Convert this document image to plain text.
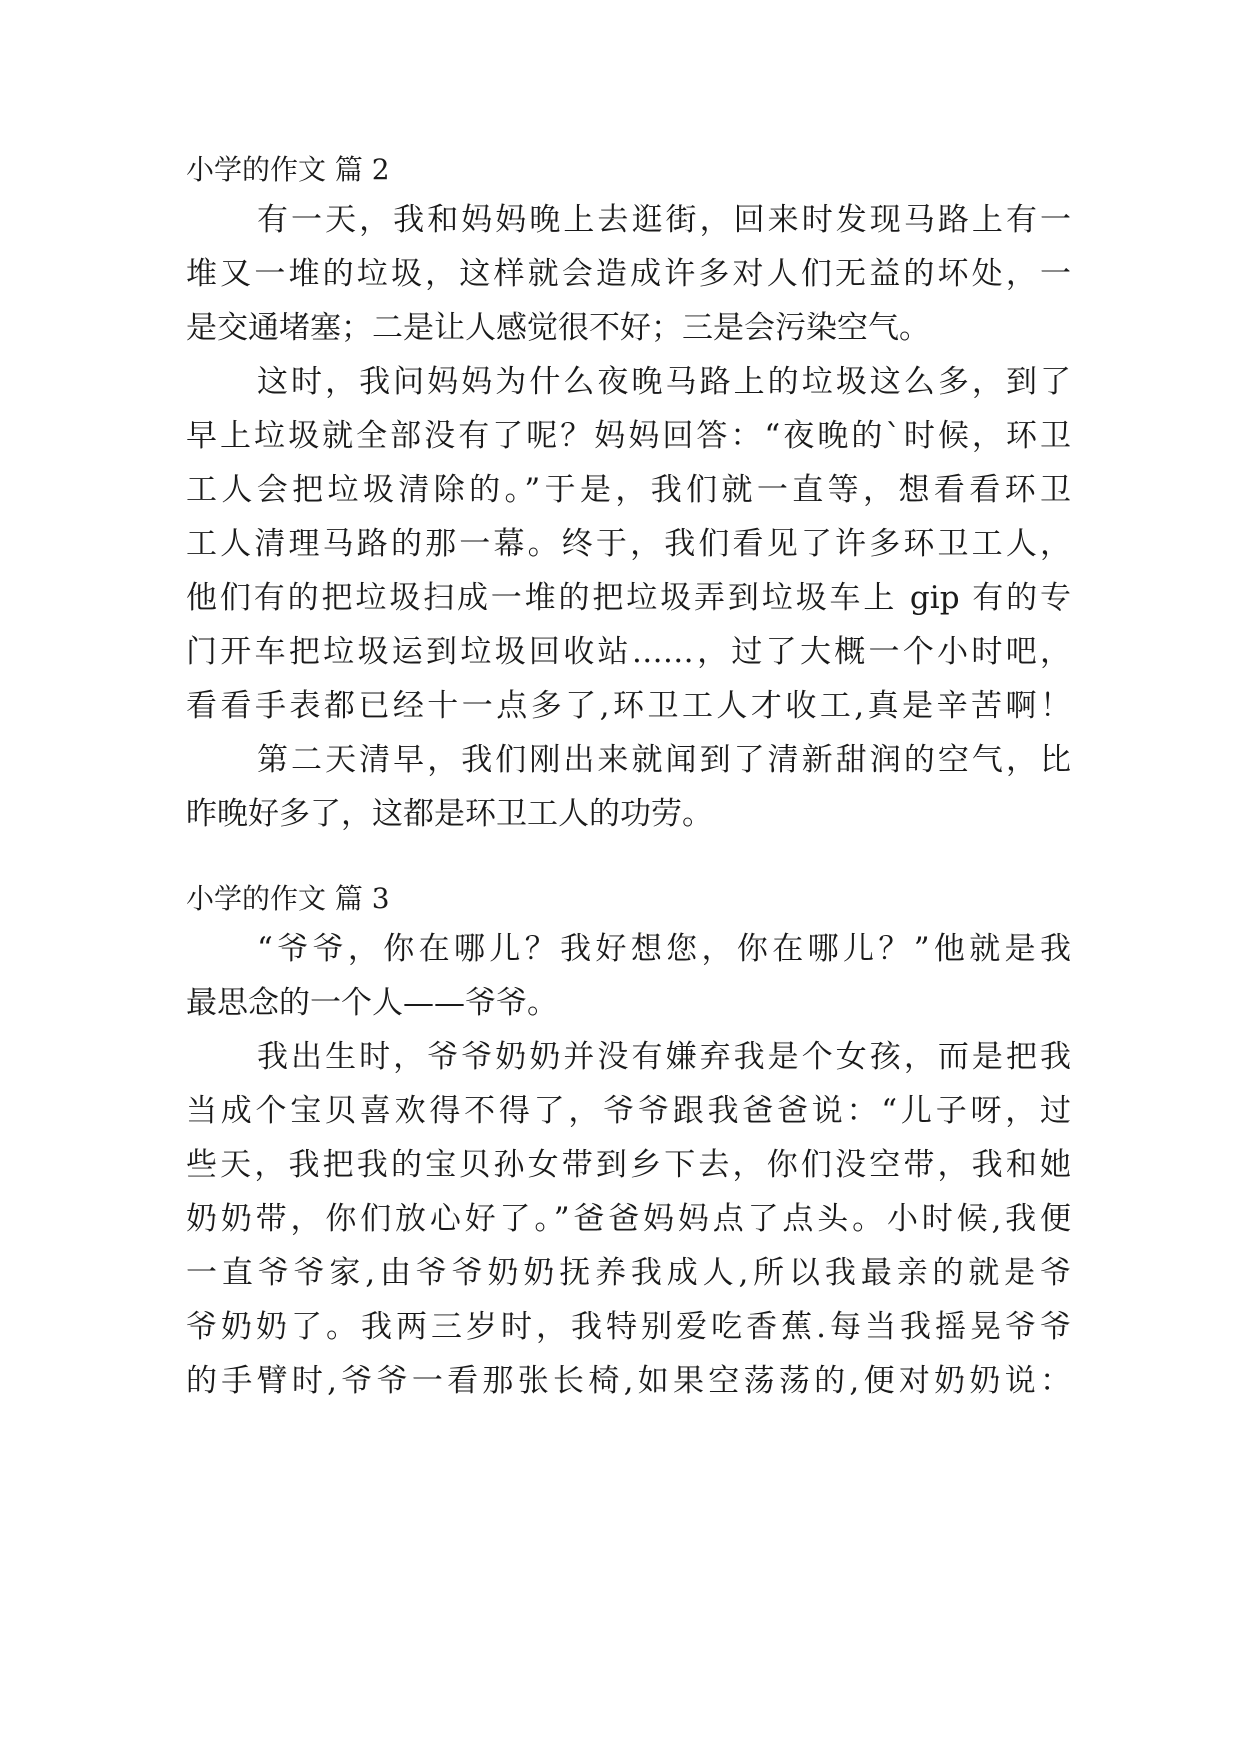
小学的作文 篇 2
有一天，我和妈妈晚上去逛街，回来时发现马路上有一
堆又一堆的垃圾，这样就会造成许多对人们无益的坏处，一
是交通堵塞；二是让人感觉很不好；三是会污染空气。
这时，我问妈妈为什么夜晚马路上的垃圾这么多，到了
早上垃圾就全部没有了呢？妈妈回答：“夜晚的`时候，环卫
工人会把垃圾清除的。”于是，我们就一直等，想看看环卫
工人清理马路的那一幕。终于，我们看见了许多环卫工人，
他们有的把垃圾扫成一堆的把垃圾弄到垃圾车上 gip 有的专
门开车把垃圾运到垃圾回收站……，过了大概一个小时吧，
看看手表都已经十一点多了,环卫工人才收工,真是辛苦啊！
第二天清早，我们刚出来就闻到了清新甜润的空气，比
昨晚好多了，这都是环卫工人的功劳。
小学的作文 篇 3
“爷爷，你在哪儿？我好想您，你在哪儿？”他就是我
最思念的一个人——爷爷。
我出生时，爷爷奶奶并没有嫌弃我是个女孩，而是把我
当成个宝贝喜欢得不得了，爷爷跟我爸爸说：“儿子呀，过
些天，我把我的宝贝孙女带到乡下去，你们没空带，我和她
奶奶带，你们放心好了。”爸爸妈妈点了点头。小时候,我便
一直爷爷家,由爷爷奶奶抚养我成人,所以我最亲的就是爷
爷奶奶了。我两三岁时，我特别爱吃香蕉.每当我摇晃爷爷
的手臂时,爷爷一看那张长椅,如果空荡荡的,便对奶奶说：
